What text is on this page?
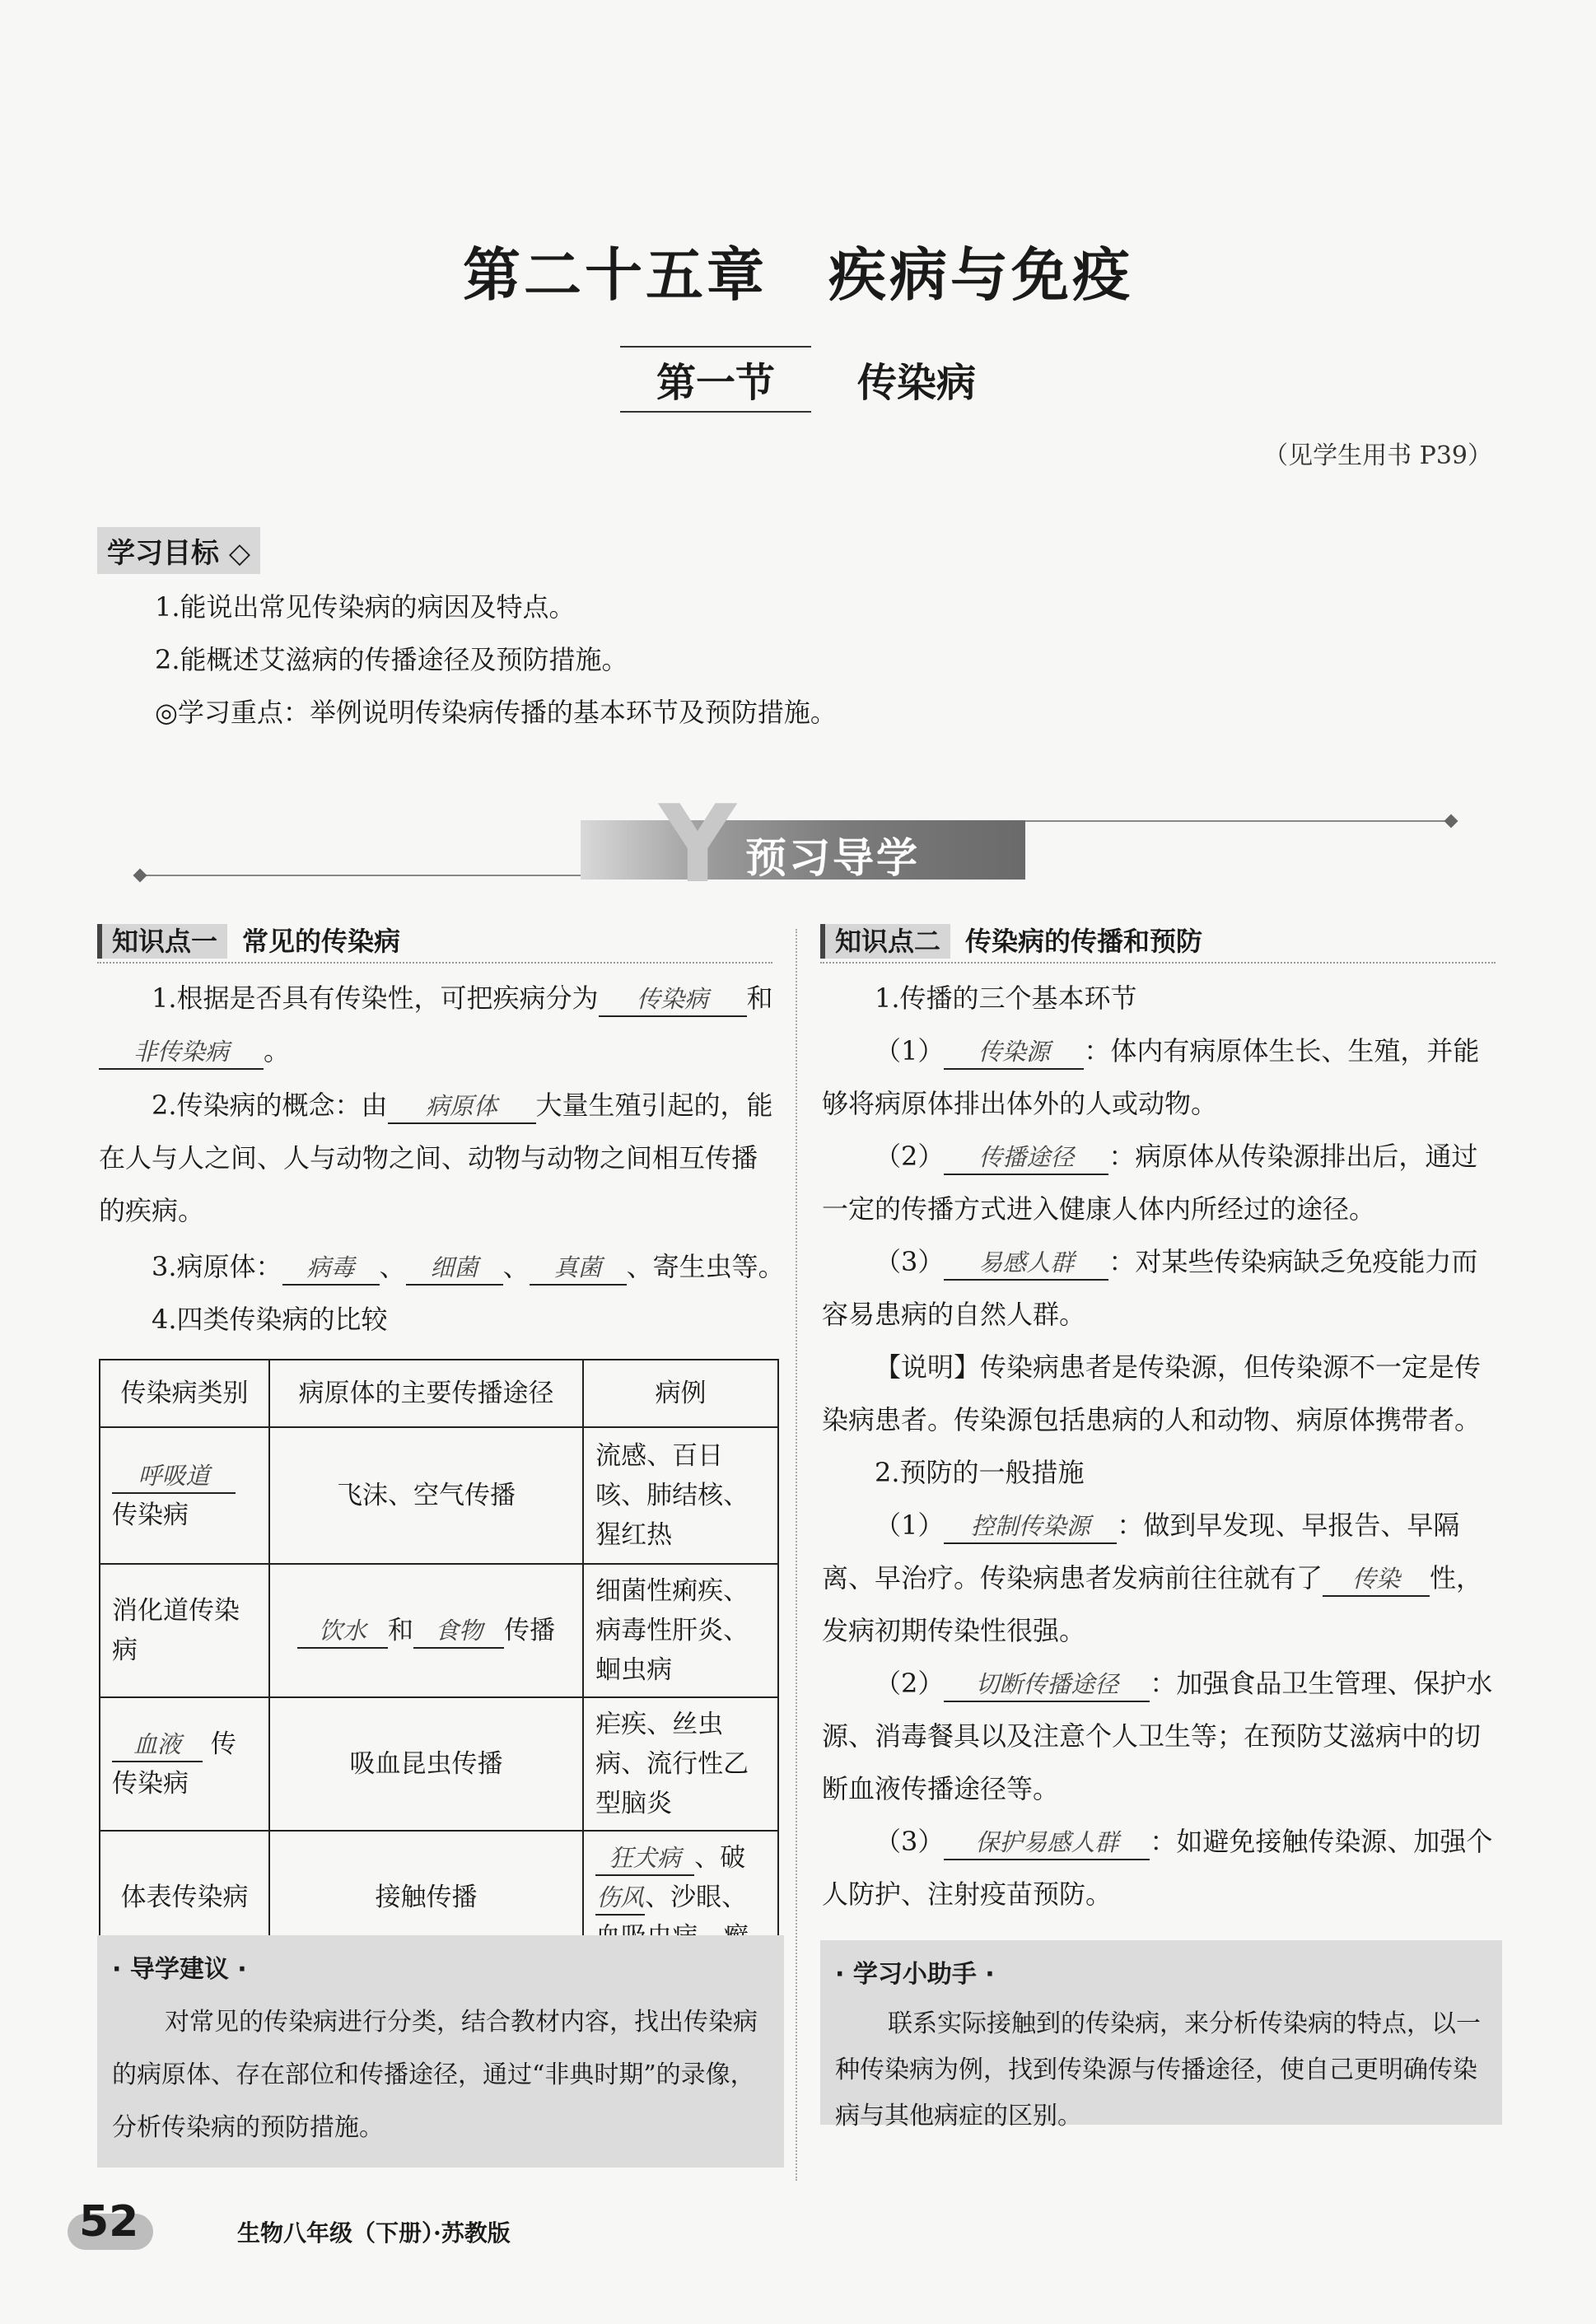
第二十五章　疾病与免疫
第一节 传染病
（见学生用书 P39）
学习目标 ◇
1.能说出常见传染病的病因及特点。
2.能概述艾滋病的传播途径及预防措施。
◎学习重点：举例说明传染病传播的基本环节及预防措施。
Y 预习导学
知识点一 常见的传染病
1.根据是否具有传染性，可把疾病分为 传染病 和
非传染病 。
2.传染病的概念：由 病原体 大量生殖引起的，能在人与人之间、人与动物之间、动物与动物之间相互传播的疾病。
3.病原体： 病毒 、 细菌 、 真菌 、寄生虫等。
4.四类传染病的比较
传染病类别	病原体的主要传播途径	病例
呼吸道
传染病	飞沫、空气传播	流感、百日咳、肺结核、猩红热
消化道传染病	饮水 和 食物 传播	细菌性痢疾、病毒性肝炎、蛔虫病
血液 传
传染病	吸血昆虫传播	疟疾、丝虫病、流行性乙型脑炎
体表传染病	接触传播	狂犬病 、破
伤风、沙眼、
· 导学建议 ·
对常见的传染病进行分类，结合教材内容，找出传染病的病原体、存在部位和传播途径，通过“非典时期”的录像，分析传染病的预防措施。
知识点二 传染病的传播和预防
1.传播的三个基本环节
（1） 传染源 ：体内有病原体生长、生殖，并能够将病原体排出体外的人或动物。
（2） 传播途径 ：病原体从传染源排出后，通过一定的传播方式进入健康人体内所经过的途径。
（3） 易感人群 ：对某些传染病缺乏免疫能力而容易患病的自然人群。
【说明】传染病患者是传染源，但传染源不一定是传染病患者。传染源包括患病的人和动物、病原体携带者。
2.预防的一般措施
（1） 控制传染源 ：做到早发现、早报告、早隔离、早治疗。传染病患者发病前往往就有了 传染 性，发病初期传染性很强。
（2） 切断传播途径 ：加强食品卫生管理、保护水源、消毒餐具以及注意个人卫生等；在预防艾滋病中的切断血液传播途径等。
（3） 保护易感人群 ：如避免接触传染源、加强个人防护、注射疫苗预防。
· 学习小助手 ·
联系实际接触到的传染病，来分析传染病的特点，以一种传染病为例，找到传染源与传播途径，使自己更明确传染病与其他病症的区别。
52	生物八年级（下册）·苏教版
